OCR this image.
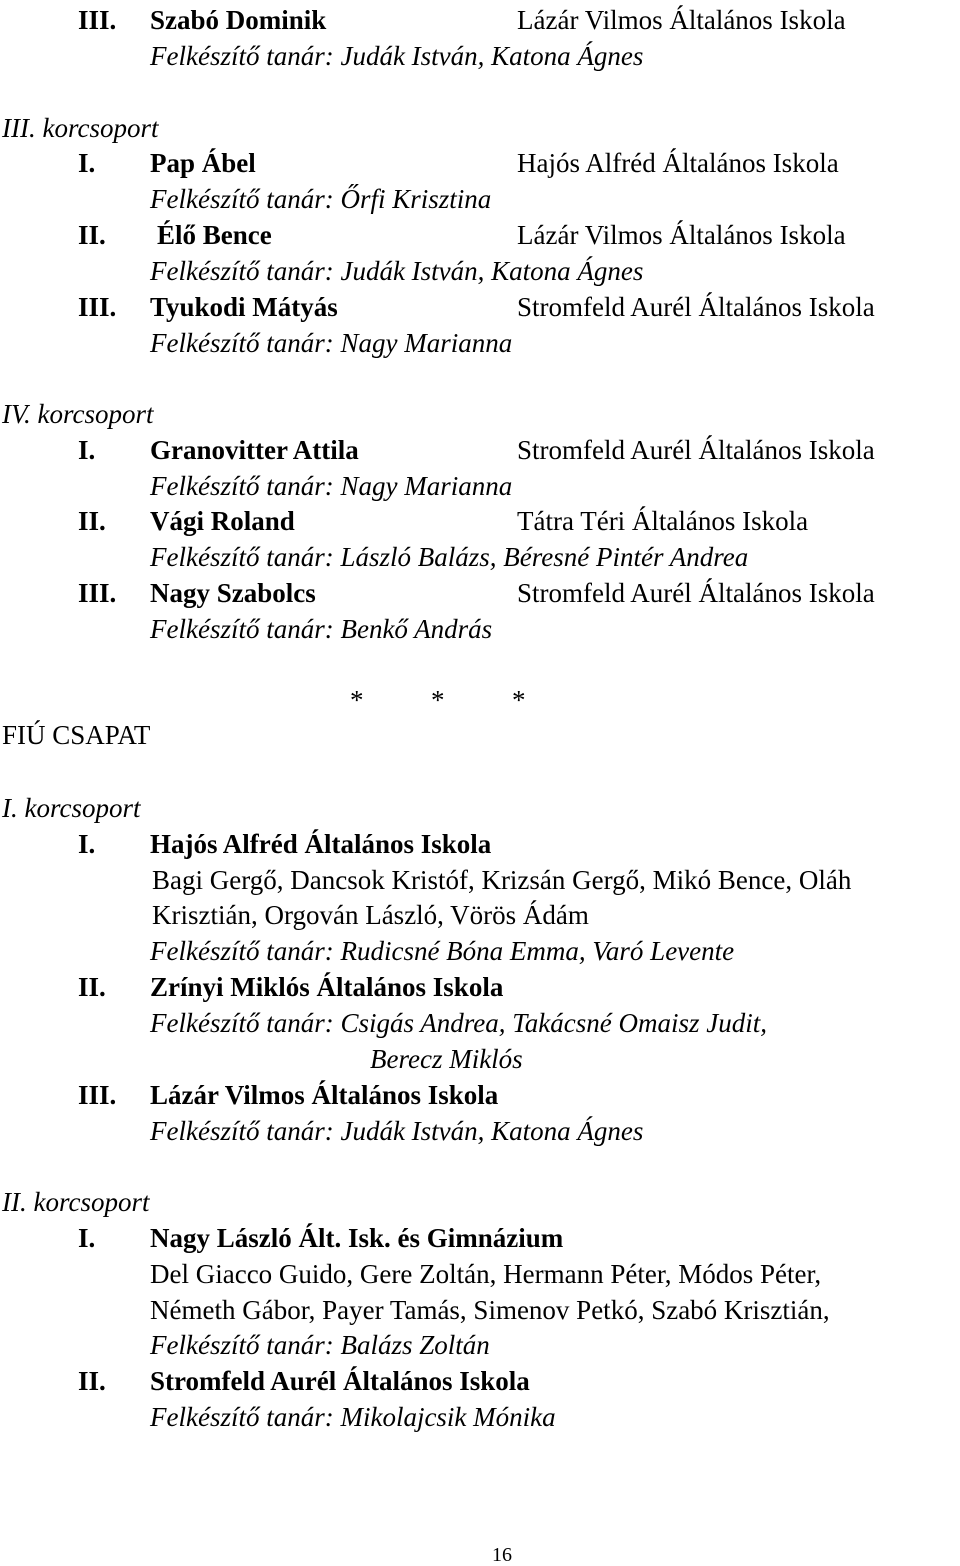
III. Szabó Dominik	Lázár Vilmos Általános Iskola
Felkészítő tanár: Judák István, Katona Ágnes
III. korcsoport
I. Pap Ábel	Hajós Alfréd Általános Iskola
Felkészítő tanár: Őrfi Krisztina
II. Élő Bence	Lázár Vilmos Általános Iskola
Felkészítő tanár: Judák István, Katona Ágnes
III. Tyukodi Mátyás	Stromfeld Aurél Általános Iskola
Felkészítő tanár: Nagy Marianna
IV. korcsoport
I. Granovitter Attila	Stromfeld Aurél Általános Iskola
Felkészítő tanár: Nagy Marianna
II. Vági Roland	Tátra Téri Általános Iskola
Felkészítő tanár: László Balázs, Béresné Pintér Andrea
III. Nagy Szabolcs	Stromfeld Aurél Általános Iskola
Felkészítő tanár: Benkő András
*          *          *
FIÚ CSAPAT
I. korcsoport
I. Hajós Alfréd Általános Iskola
Bagi Gergő, Dancsok Kristóf, Krizsán Gergő, Mikó Bence, Oláh
Krisztián, Orgován László, Vörös Ádám
Felkészítő tanár: Rudicsné Bóna Emma, Varó Levente
II. Zrínyi Miklós Általános Iskola
Felkészítő tanár: Csigás Andrea, Takácsné Omaisz Judit,
Berecz Miklós
III. Lázár Vilmos Általános Iskola
Felkészítő tanár: Judák István, Katona Ágnes
II. korcsoport
I. Nagy László Ált. Isk. és Gimnázium
Del Giacco Guido, Gere Zoltán, Hermann Péter, Módos Péter,
Németh Gábor, Payer Tamás, Simenov Petkó, Szabó Krisztián,
Felkészítő tanár: Balázs Zoltán
II. Stromfeld Aurél Általános Iskola
Felkészítő tanár: Mikolajcsik Mónika
16
